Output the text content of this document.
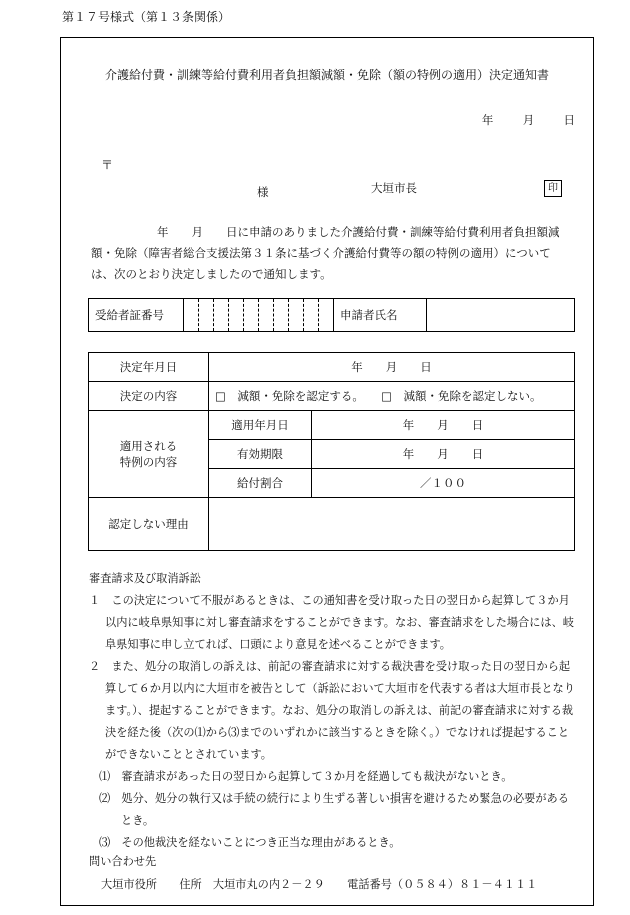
第１７号様式（第１３条関係）
介護給付費・訓練等給付費利用者負担額減額・免除（額の特例の適用）決定通知書
年	月	日
〒
様	大垣市長	印
年　　月　　日に申請のありました介護給付費・訓練等給付費利用者負担額減
額・免除（障害者総合支援法第３１条に基づく介護給付費等の額の特例の適用）について
は、次のとおり決定しましたので通知します。
受給者証番号											申請者氏名	
決定年月日	年　　月　　日	
決定の内容	□　減額・免除を認定する。　　□　減額・免除を認定しない。	

適用される
特例の内容	適用年月日	年　　月　　日
	有効期限	年　　月　　日
	給付割合	／１００
認定しない理由		
審査請求及び取消訴訟
１　この決定について不服があるときは、この通知書を受け取った日の翌日から起算して３か月以内に岐阜県知事に対し審査請求をすることができます。なお、審査請求をした場合には、岐阜県知事に申し立てれば、口頭により意見を述べることができます。
２　また、処分の取消しの訴えは、前記の審査請求に対する裁決書を受け取った日の翌日から起算して６か月以内に大垣市を被告として（訴訟において大垣市を代表する者は大垣市長となります。）、提起することができます。なお、処分の取消しの訴えは、前記の審査請求に対する裁決を経た後（次の⑴から⑶までのいずれかに該当するときを除く。）でなければ提起することができないこととされています。
⑴　審査請求があった日の翌日から起算して３か月を経過しても裁決がないとき。
⑵　処分、処分の執行又は手続の続行により生ずる著しい損害を避けるため緊急の必要があるとき。
⑶　その他裁決を経ないことにつき正当な理由があるとき。
問い合わせ先
大垣市役所　　住所　大垣市丸の内２－２９　　電話番号（０５８４）８１－４１１１
